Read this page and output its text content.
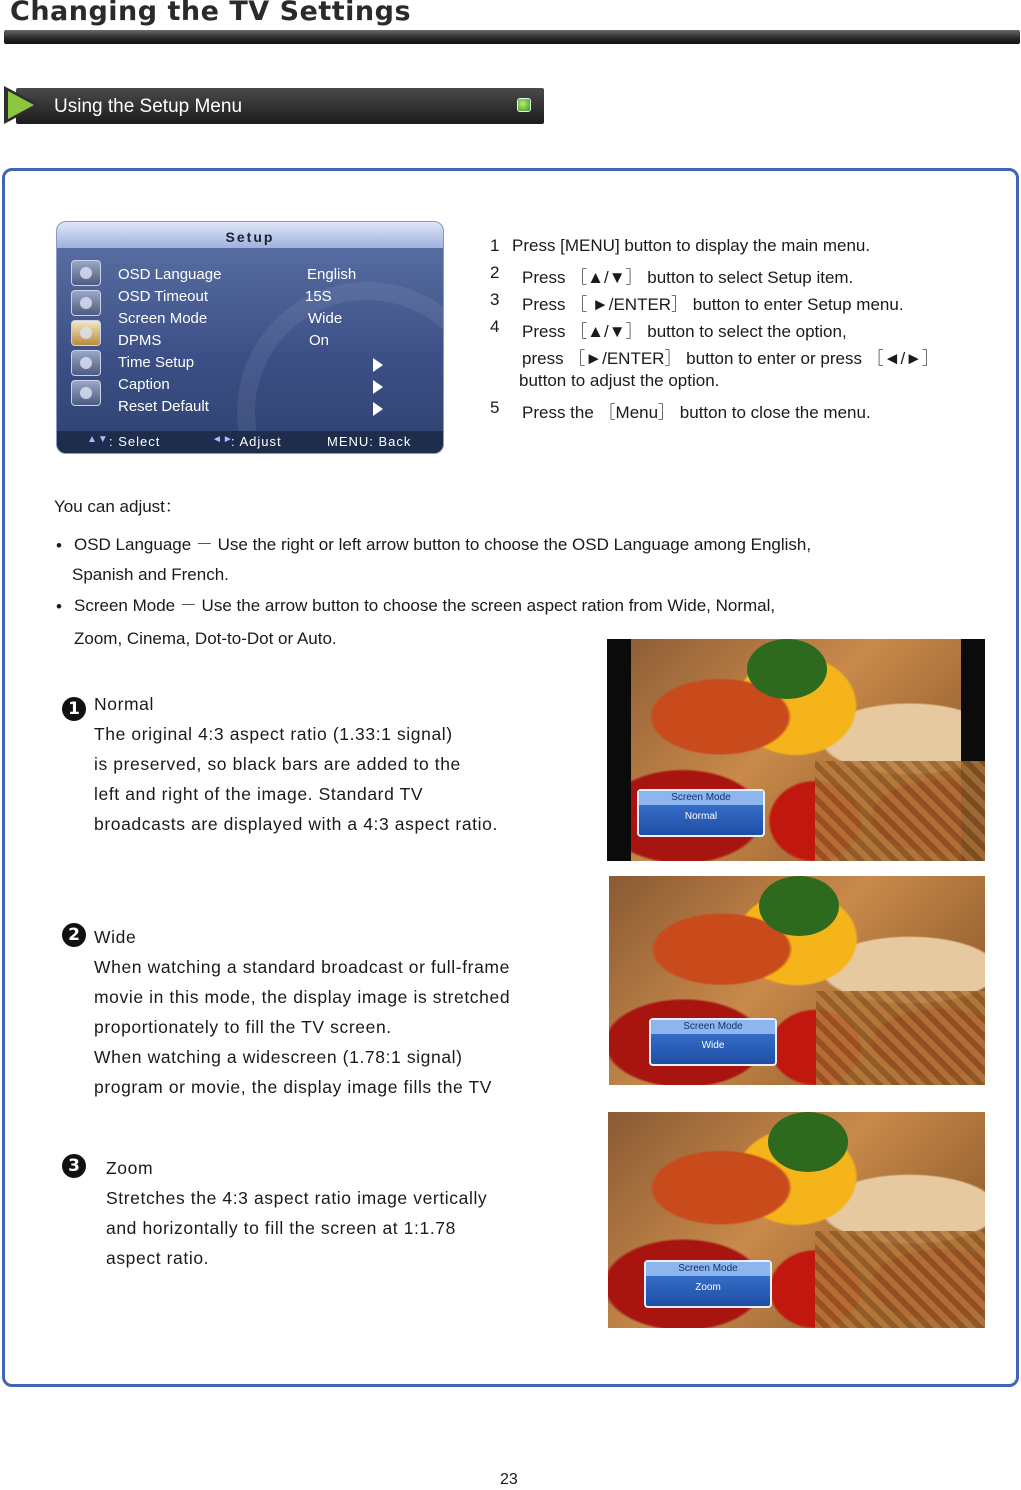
Changing the TV Settings
Using the Setup Menu
Setup
OSD Language	English
OSD Timeout	15S
Screen Mode	Wide
DPMS	On
Time Setup
Caption
Reset Default
▲▼ : Select	◄►
: Adjust	MENU: Back
1 Press [MENU] button to display the main menu.
2 Press ［▲/▼］ button to select Setup item.
3 Press ［ ►/ENTER］ button to enter Setup menu.
4 Press ［▲/▼］ button to select the option,
press ［►/ENTER］ button to enter or press ［◄/►］
button to adjust the option.
5 Press the ［Menu］ button to close the menu.
You can adjust：
• OSD Language － Use the right or left arrow button to choose the OSD Language among English,
Spanish and French.
• Screen Mode － Use the arrow button to choose the screen aspect ration from Wide, Normal,
Zoom, Cinema, Dot-to-Dot or Auto.
1 Normal
The original 4:3 aspect ratio (1.33:1 signal)
is preserved, so black bars are added to the
left and right of the image. Standard TV
broadcasts are displayed with a 4:3 aspect ratio.
Screen Mode
Normal
2 Wide
When watching a standard broadcast or full-frame
movie in this mode, the display image is stretched
proportionately to fill the TV screen.
When watching a widescreen (1.78:1 signal)
program or movie, the display image fills the TV
Screen Mode
Wide
3	Zoom
Stretches the 4:3 aspect ratio image vertically
and horizontally to fill the screen at 1:1.78
aspect ratio.
Screen Mode
Zoom
23
